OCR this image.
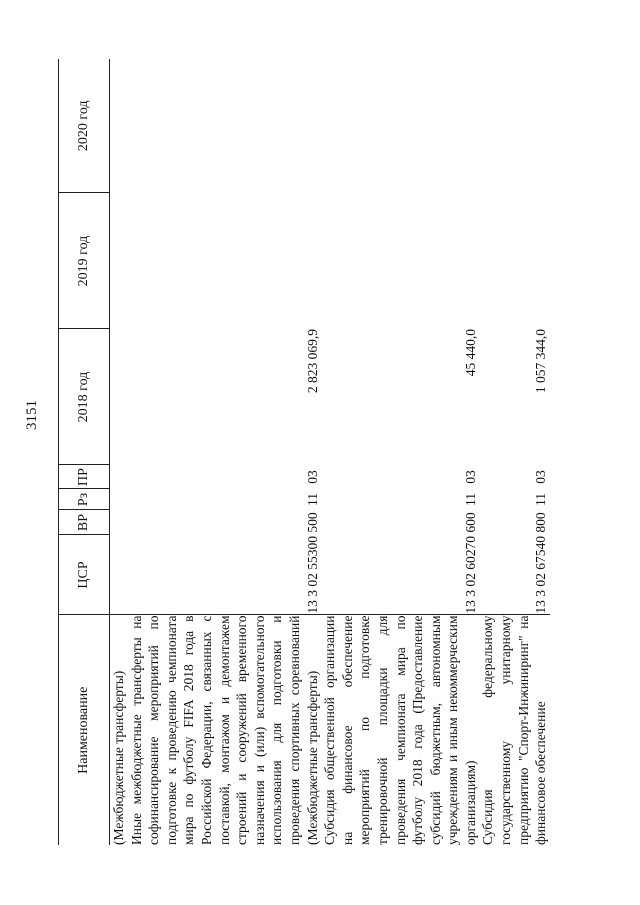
3151
Наименование	ЦСР	ВР	Рз	ПР	2018 год	2019 год	2020 год
(Межбюджетные трансферты)							
Иные межбюджетные трансферты на софинансирование мероприятий по подготовке к проведению чемпионата мира по футболу FIFA 2018 года в Российской Федерации, связанных с поставкой, монтажом и демонтажем строений и сооружений временного назначения и (или) вспомогательного использования для подготовки и проведения спортивных соревнований (Межбюджетные трансферты)	13 3 02 55300	500	11	03	2 823 069,9		
Субсидия общественной организации на финансовое обеспечение мероприятий по подготовке тренировочной площадки для проведения чемпионата мира по футболу 2018 года (Предоставление субсидий бюджетным, автономным учреждениям и иным некоммерческим организациям)	13 3 02 60270	600	11	03	45 440,0		
Субсидия федеральному государственному унитарному предприятию "Спорт-Инжиниринг" на финансовое обеспечение	13 3 02 67540	800	11	03	1 057 344,0		
